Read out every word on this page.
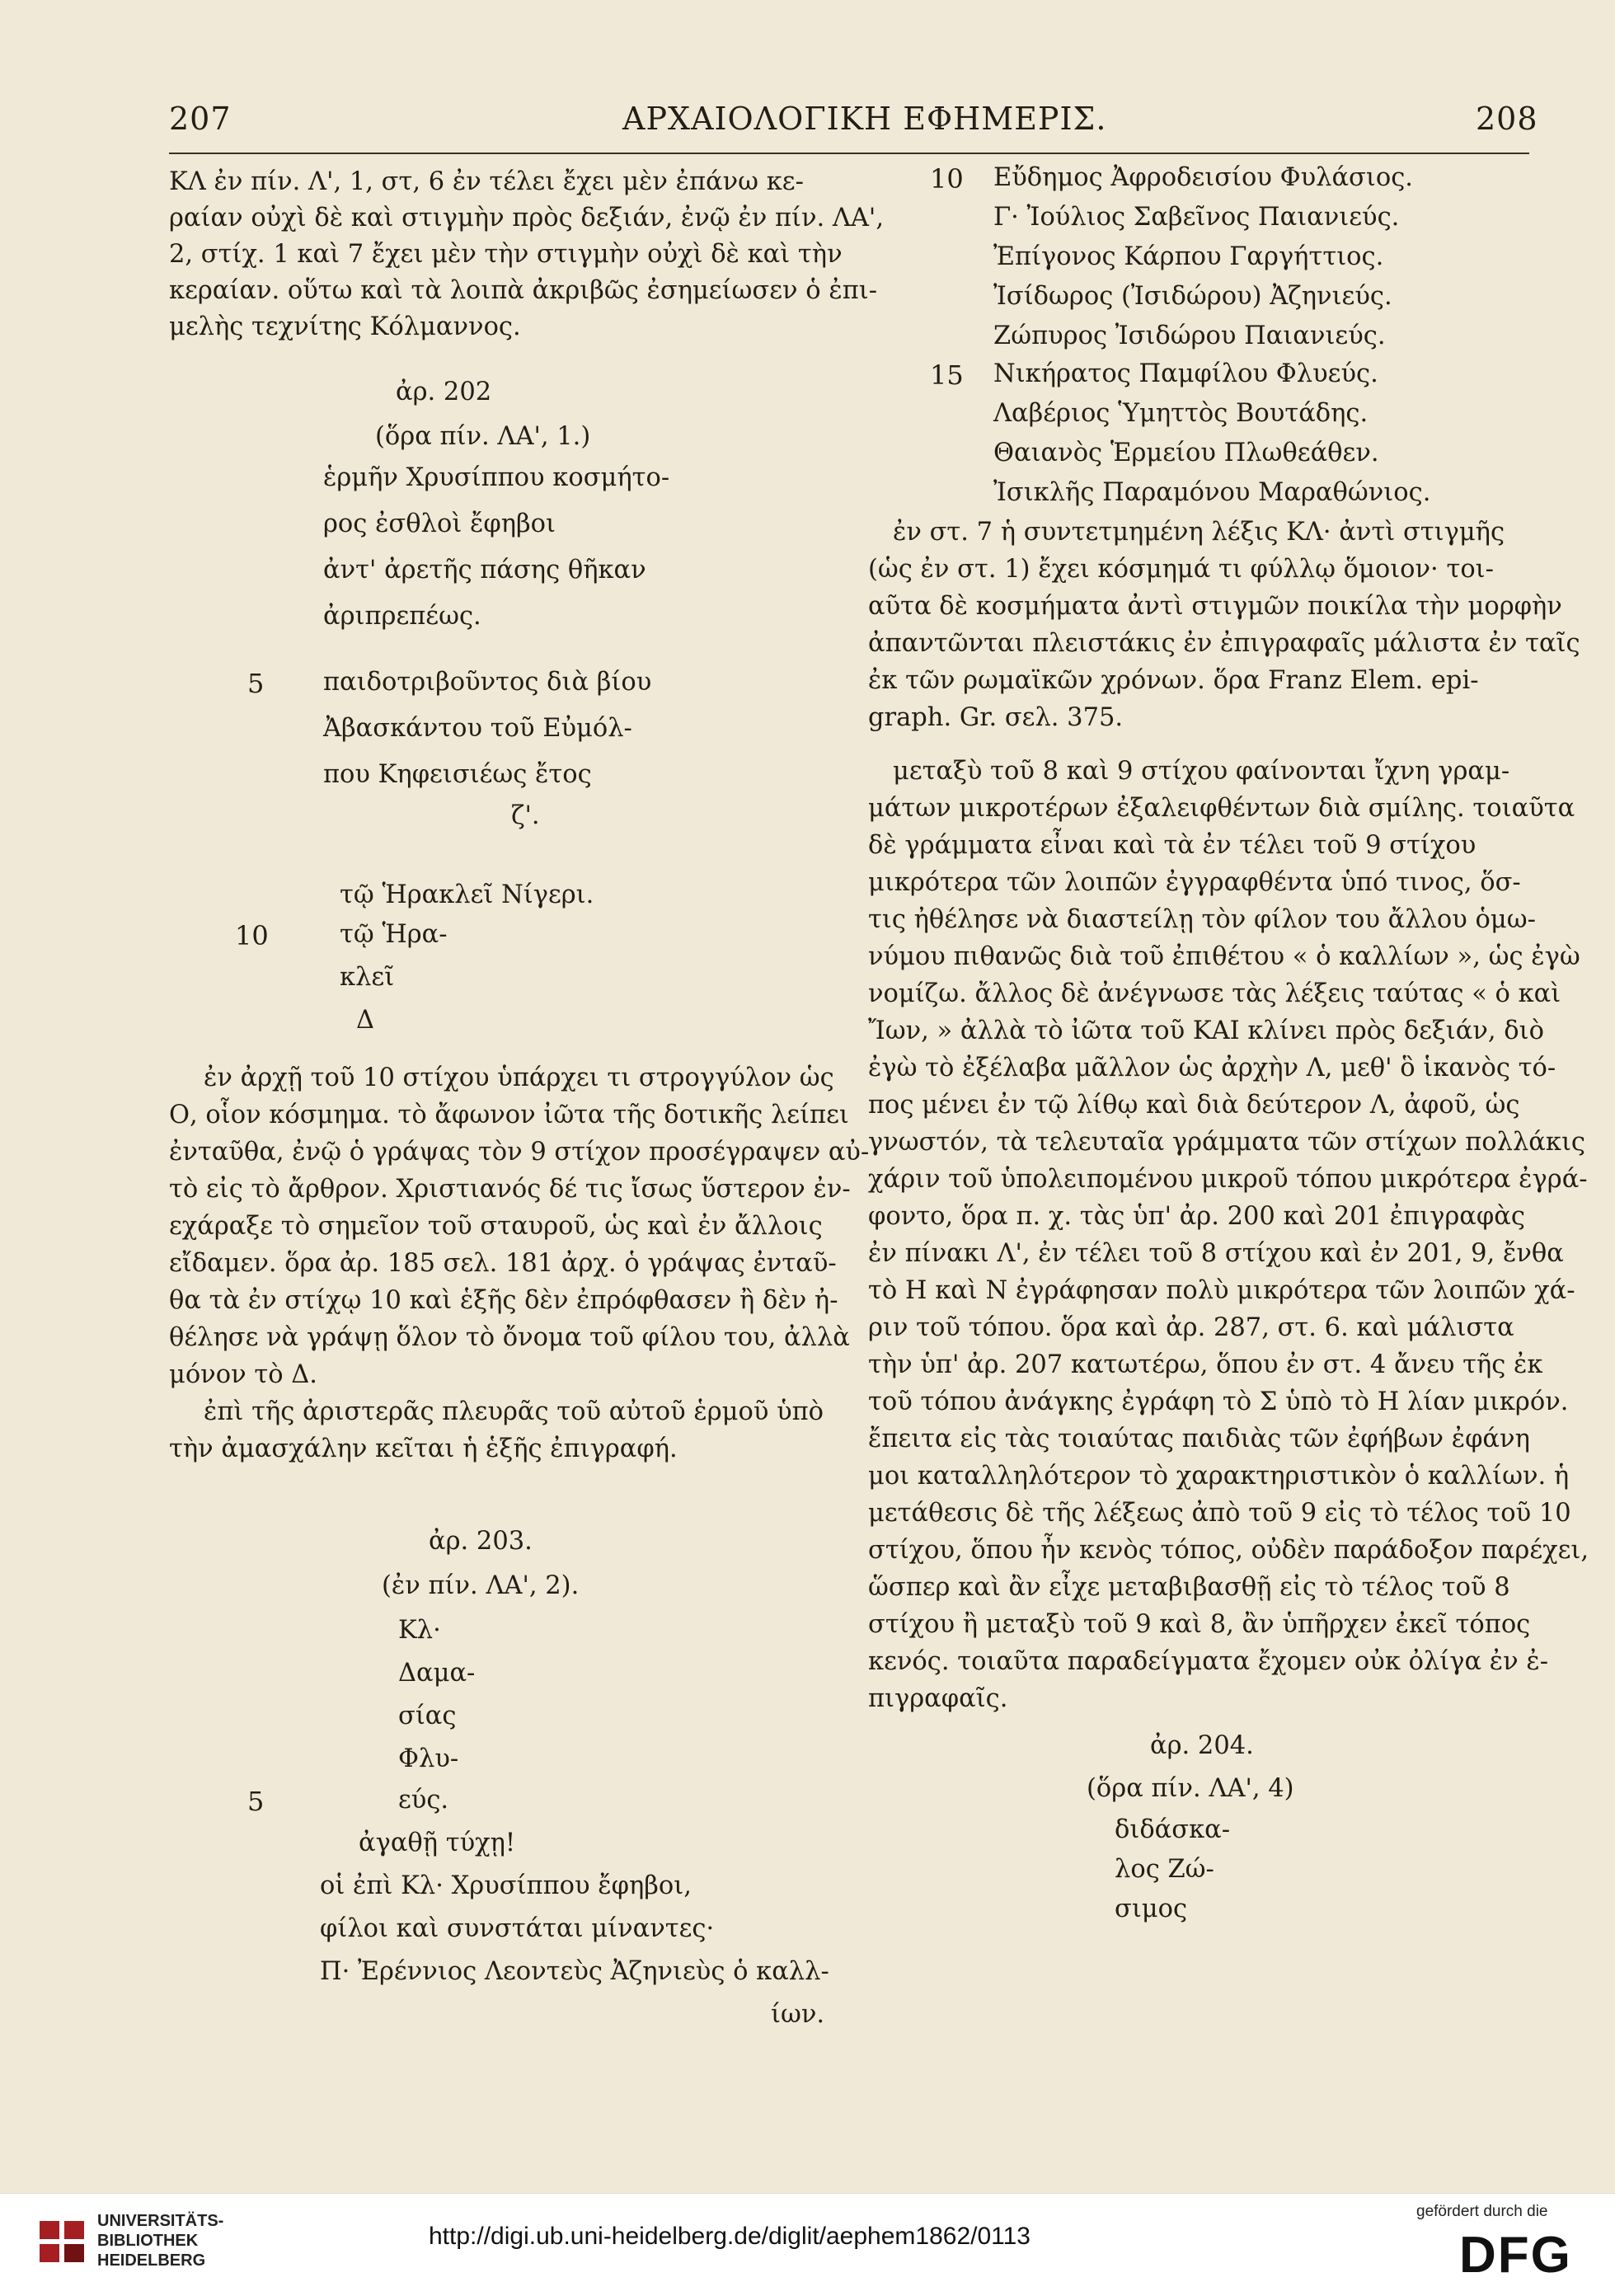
207	ΑΡΧΑΙΟΛΟΓΙΚΗ ΕΦΗΜΕΡΙΣ.	208
ΚΛ ἐν πίν. Λ', 1, στ, 6 ἐν τέλει ἔχει μὲν ἐπάνω κε-
ραίαν οὐχὶ δὲ καὶ στιγμὴν πρὸς δεξιάν, ἐνῷ ἐν πίν. ΛΑ',
2, στίχ. 1 καὶ 7 ἔχει μὲν τὴν στιγμὴν οὐχὶ δὲ καὶ τὴν
κεραίαν. οὕτω καὶ τὰ λοιπὰ ἀκριβῶς ἐσημείωσεν ὁ ἐπι-
μελὴς τεχνίτης Κόλμαννος.
ἀρ. 202
(ὅρα πίν. ΛΑ', 1.)
ἑρμῆν Χρυσίππου κοσμήτο-
ρος ἐσθλοὶ ἔφηβοι
ἀντ' ἀρετῆς πάσης θῆκαν
ἀριπρεπέως.
5 παιδοτριβοῦντος διὰ βίου
Ἀβασκάντου τοῦ Εὐμόλ-
που Κηφεισιέως ἔτος
ζ'.
τῷ Ἡρακλεῖ Νίγερι.
10	τῷ Ἡρα-
κλεῖ
Δ
ἐν ἀρχῇ τοῦ 10 στίχου ὑπάρχει τι στρογγύλον ὡς
Ο, οἷον κόσμημα. τὸ ἄφωνον ἰῶτα τῆς δοτικῆς λείπει
ἐνταῦθα, ἐνῷ ὁ γράψας τὸν 9 στίχον προσέγραψεν αὐ-
τὸ εἰς τὸ ἄρθρον. Χριστιανός δέ τις ἴσως ὕστερον ἐν-
εχάραξε τὸ σημεῖον τοῦ σταυροῦ, ὡς καὶ ἐν ἄλλοις
εἴδαμεν. ὅρα ἀρ. 185 σελ. 181 ἀρχ. ὁ γράψας ἐνταῦ-
θα τὰ ἐν στίχῳ 10 καὶ ἑξῆς δὲν ἐπρόφθασεν ἢ δὲν ἠ-
θέλησε νὰ γράψῃ ὅλον τὸ ὄνομα τοῦ φίλου του, ἀλλὰ
μόνον τὸ Δ.
ἐπὶ τῆς ἀριστερᾶς πλευρᾶς τοῦ αὐτοῦ ἑρμοῦ ὑπὸ
τὴν ἀμασχάλην κεῖται ἡ ἑξῆς ἐπιγραφή.
ἀρ. 203.
(ἐν πίν. ΛΑ', 2).
Κλ·
Δαμα-
σίας
Φλυ-
5	εύς.
ἀγαθῇ τύχῃ!
οἱ ἐπὶ Κλ· Χρυσίππου ἔφηβοι,
φίλοι καὶ συνστάται μίναντες·
Π· Ἐρέννιος Λεοντεὺς Ἀζηνιεὺς ὁ καλλ-
ίων.
10 Εὔδημος Ἀφροδεισίου Φυλάσιος.
Γ· Ἰούλιος Σαβεῖνος Παιανιεύς.
Ἐπίγονος Κάρπου Γαργήττιος.
Ἰσίδωρος (Ἰσιδώρου) Ἀζηνιεύς.
Ζώπυρος Ἰσιδώρου Παιανιεύς.
15 Νικήρατος Παμφίλου Φλυεύς.
Λαβέριος Ὑμηττὸς Βουτάδης.
Θαιανὸς Ἑρμείου Πλωθεάθεν.
Ἰσικλῆς Παραμόνου Μαραθώνιος.
ἐν στ. 7 ἡ συντετμημένη λέξις ΚΛ· ἀντὶ στιγμῆς
(ὡς ἐν στ. 1) ἔχει κόσμημά τι φύλλῳ ὅμοιον· τοι-
αῦτα δὲ κοσμήματα ἀντὶ στιγμῶν ποικίλα τὴν μορφὴν
ἀπαντῶνται πλειστάκις ἐν ἐπιγραφαῖς μάλιστα ἐν ταῖς
ἐκ τῶν ρωμαϊκῶν χρόνων. ὅρα Franz Elem. epi-
graph. Gr. σελ. 375.
μεταξὺ τοῦ 8 καὶ 9 στίχου φαίνονται ἴχνη γραμ-
μάτων μικροτέρων ἐξαλειφθέντων διὰ σμίλης. τοιαῦτα
δὲ γράμματα εἶναι καὶ τὰ ἐν τέλει τοῦ 9 στίχου
μικρότερα τῶν λοιπῶν ἐγγραφθέντα ὑπό τινος, ὅσ-
τις ἠθέλησε νὰ διαστείλῃ τὸν φίλον του ἄλλου ὁμω-
νύμου πιθανῶς διὰ τοῦ ἐπιθέτου « ὁ καλλίων », ὡς ἐγὼ
νομίζω. ἄλλος δὲ ἀνέγνωσε τὰς λέξεις ταύτας « ὁ καὶ
Ἴων, » ἀλλὰ τὸ ἰῶτα τοῦ ΚΑΙ κλίνει πρὸς δεξιάν, διὸ
ἐγὼ τὸ ἐξέλαβα μᾶλλον ὡς ἀρχὴν Λ, μεθ' ὃ ἱκανὸς τό-
πος μένει ἐν τῷ λίθῳ καὶ διὰ δεύτερον Λ, ἀφοῦ, ὡς
γνωστόν, τὰ τελευταῖα γράμματα τῶν στίχων πολλάκις
χάριν τοῦ ὑπολειπομένου μικροῦ τόπου μικρότερα ἐγρά-
φοντο, ὅρα π. χ. τὰς ὑπ' ἀρ. 200 καὶ 201 ἐπιγραφὰς
ἐν πίνακι Λ', ἐν τέλει τοῦ 8 στίχου καὶ ἐν 201, 9, ἔνθα
τὸ Η καὶ Ν ἐγράφησαν πολὺ μικρότερα τῶν λοιπῶν χά-
ριν τοῦ τόπου. ὅρα καὶ ἀρ. 287, στ. 6. καὶ μάλιστα
τὴν ὑπ' ἀρ. 207 κατωτέρω, ὅπου ἐν στ. 4 ἄνευ τῆς ἐκ
τοῦ τόπου ἀνάγκης ἐγράφη τὸ Σ ὑπὸ τὸ Η λίαν μικρόν.
ἔπειτα εἰς τὰς τοιαύτας παιδιὰς τῶν ἐφήβων ἐφάνη
μοι καταλληλότερον τὸ χαρακτηριστικὸν ὁ καλλίων. ἡ
μετάθεσις δὲ τῆς λέξεως ἀπὸ τοῦ 9 εἰς τὸ τέλος τοῦ 10
στίχου, ὅπου ἦν κενὸς τόπος, οὐδὲν παράδοξον παρέχει,
ὥσπερ καὶ ἂν εἶχε μεταβιβασθῇ εἰς τὸ τέλος τοῦ 8
στίχου ἢ μεταξὺ τοῦ 9 καὶ 8, ἂν ὑπῆρχεν ἐκεῖ τόπος
κενός. τοιαῦτα παραδείγματα ἔχομεν οὐκ ὀλίγα ἐν ἐ-
πιγραφαῖς.
ἀρ. 204.
(ὅρα πίν. ΛΑ', 4)
διδάσκα-
λος Ζώ-
σιμος
UNIVERSITÄTS-
BIBLIOTHEK
HEIDELBERG
http://digi.ub.uni-heidelberg.de/diglit/aephem1862/0113
gefördert durch die
DFG
